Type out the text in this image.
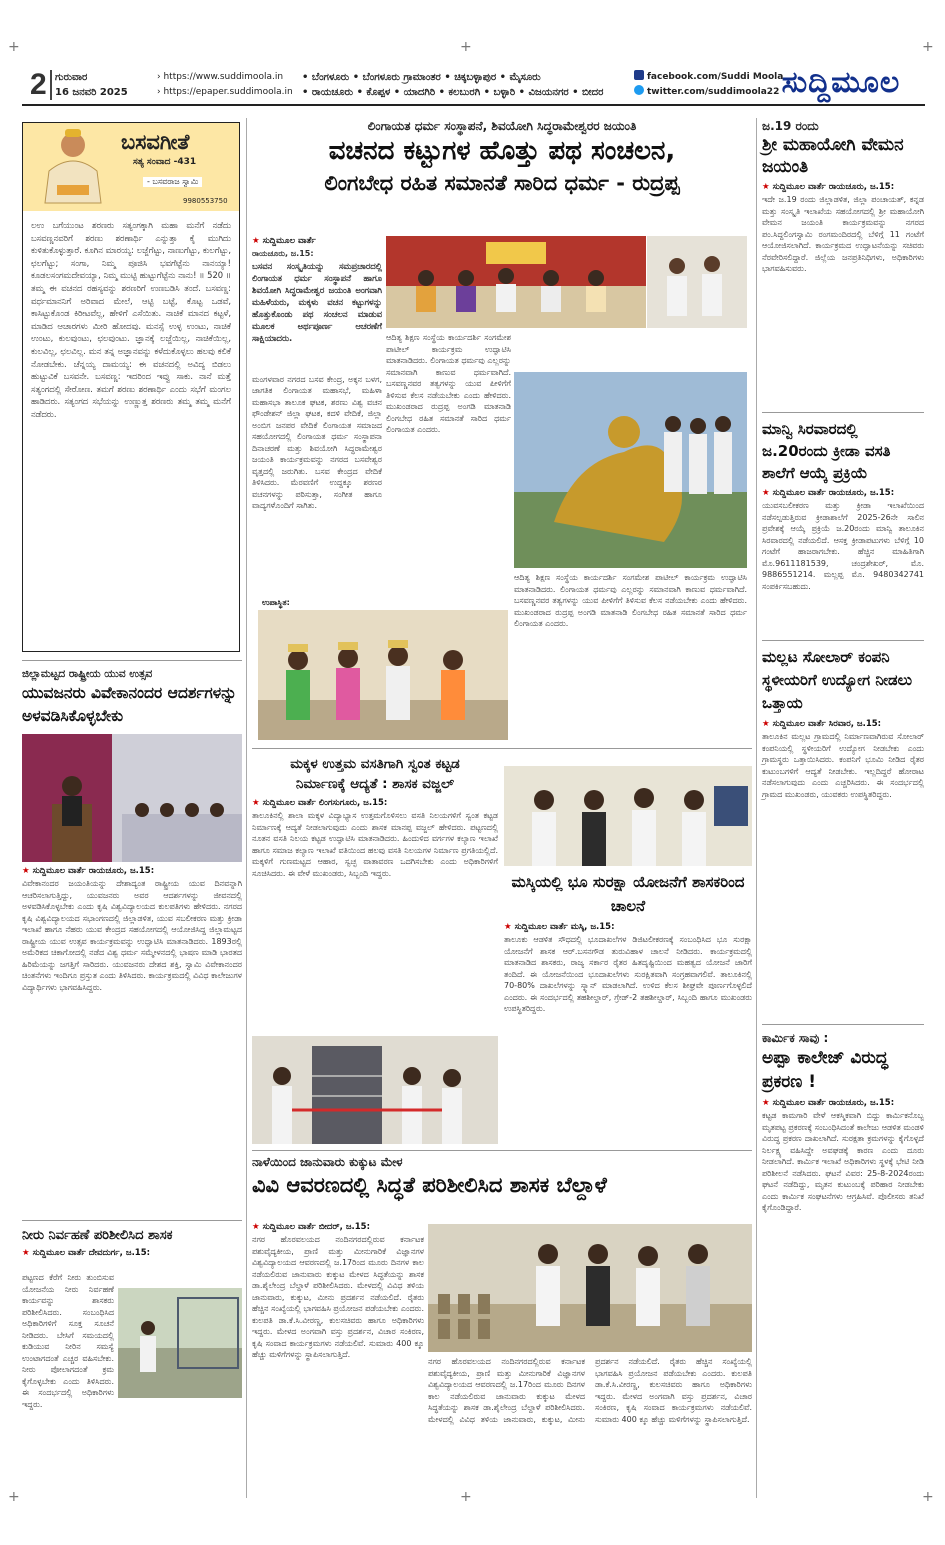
+	+	+
+	+	+
2 ಗುರುವಾರ
16 ಜನವರಿ 2025
› https://www.suddimoola.in
› https://epaper.suddimoola.in
• ಬೆಂಗಳೂರು • ಬೆಂಗಳೂರು ಗ್ರಾಮಾಂತರ • ಚಿಕ್ಕಬಳ್ಳಾಪುರ • ಮೈಸೂರು
• ರಾಯಚೂರು • ಕೊಪ್ಪಳ • ಯಾದಗಿರಿ • ಕಲಬುರಗಿ • ಬಳ್ಳಾರಿ • ವಿಜಯನಗರ • ಬೀದರ
facebook.com/Suddi Moola
twitter.com/suddimoola22 ಸುದ್ದಿಮೂಲ
ಬಸವಗೀತೆ
ಸತ್ಯ ಸಂವಾದ -431
- ಬಸವರಾಜ ಸ್ವಾಮಿ
9980553750
ಲಉ ಬಗೆಯುಂಟ ಶರಣರು ಸತ್ಯಂಗಕ್ಕಾಗಿ ಮಹಾ ಮನೆಗೆ ನಡೆದು ಬಸವಣ್ಣನವರಿಗೆ ಶರಣು ಶರಣಾರ್ಥಿ ಎನ್ನುತ್ತಾ ಕೈ ಮುಗಿದು ಕುಳಿತುಕೊಳ್ಳುತ್ತಾರೆ. ಕೂಗಿನ ಮಾರಯ್ಯ: ಲಜ್ಜೆಗೆಟ್ಟು, ನಾಣುಗೆಟ್ಟು, ಕುಲಗೆಟ್ಟು, ಛಲಗೆಟ್ಟು; ಸಂಗಾ, ನಿಮ್ಮ ಪೂಜಿಸಿ ಭವಗೆಟ್ಟೆನು ನಾನಯ್ಯಾ! ಕೂಡಲಸಂಗಮದೇವಯ್ಯಾ, ನಿಮ್ಮ ಮುಟ್ಟಿ ಹುಟ್ಟುಗೆಟ್ಟೆನು ನಾನು! ॥ 520 ॥ ತಮ್ಮ ಈ ವಚನದ ರಹಸ್ಯವನ್ನು ಶರಣರಿಗೆ ಉಣಬಡಿಸಿ ತಂದೆ. ಬಸವಣ್ಣ: ವರ್ಧಮಾನನಿಗೆ ಅರಿವಾದ ಮೇಲೆ, ಆಟ್ಟಿ ಬಟ್ಟೆ, ಕೊಟ್ಟ ಒಡವೆ, ಕಾಸಿಟ್ಟುಕೊಂಡ ಕಿರೀಟವೆಲ್ಲ, ಹೇಳಿಗೆ ಎಸೆಯಿತು. ನಾಚಿಕೆ ಮಾನದ ಕಟ್ಟಳೆ, ಮಾಡಿದ ಆಚಾರಗಳು ಮೀರಿ ಹೋದವು. ಮನಸ್ಸೆ ಉಳ್ಳ ಉಂಟು, ನಾಚಿಕೆ ಉಂಟು, ಕುಲವುಂಟು, ಛಲವುಂಟು. ಜ್ಞಾನಕ್ಕೆ ಲಜ್ಜೆಯಿಲ್ಲ, ನಾಚಿಕೆಯಿಲ್ಲ, ಕುಲವಿಲ್ಲ, ಛಲವಿಲ್ಲ. ಮನ ತನ್ನ ಅಜ್ಞಾನವನ್ನು ಕಳೆದುಕೊಳ್ಳಲು ಹಲವು ಕಲಿಕೆ ನೋಡಬೇಕು. ಚೆನ್ನಯ್ಯ ದಾಮಯ್ಯ: ಈ ವಚನದಲ್ಲಿ ಅವಿದ್ಯ ಬಿಡಲು ಹುಟ್ಟುವಿಕೆ ಬಸವನೇ. ಬಸವಣ್ಣ: ಇದರಿಂದ ಇವ್ವು ಸಾಕು. ನಾನೆ ಮತ್ತೆ ಸತ್ಯಂಗದಲ್ಲಿ ಸೇರೋಣ. ತಮಗೆ ಶರಣು ಶರಣಾರ್ಥಿ ಎಂದು ಸಭೆಗೆ ಮಂಗಲ ಹಾಡಿದರು. ಸತ್ಯಂಗದ ಸಭೆಯನ್ನು ಉಣ್ಣುತ್ತ ಶರಣರು ತಮ್ಮ ತಮ್ಮ ಮನೆಗೆ ನಡೆದರು.
ಲಿಂಗಾಯತ ಧರ್ಮ ಸಂಸ್ಥಾಪನೆ, ಶಿವಯೋಗಿ ಸಿದ್ಧರಾಮೇಶ್ವರರ ಜಯಂತಿ
ವಚನದ ಕಟ್ಟುಗಳ ಹೊತ್ತು ಪಥ ಸಂಚಲನ,
ಲಿಂಗಬೇಧ ರಹಿತ ಸಮಾನತೆ ಸಾರಿದ ಧರ್ಮ - ರುದ್ರಪ್ಪ
★ ಸುದ್ದಿಮೂಲ ವಾರ್ತೆ
ರಾಯಚೂರು, ಜ.15:
ಬಸವನ ಸಂಸ್ಕೃತಿಯನ್ನು ಸಮಪ್ರಚಾರದಲ್ಲಿ ಲಿಂಗಾಯತ ಧರ್ಮ ಸಂಸ್ಥಾಪನೆ ಹಾಗೂ ಶಿವಯೋಗಿ ಸಿದ್ಧರಾಮೇಶ್ವರ ಜಯಂತಿ ಅಂಗವಾಗಿ ಮಹಿಳೆಯರು, ಮಕ್ಕಳು ವಚನ ಕಟ್ಟುಗಳನ್ನು ಹೊತ್ತುಕೊಂಡು ಪಥ ಸಂಚಲನ ಮಾಡುವ ಮೂಲಕ ಅರ್ಥಪೂರ್ಣ ಆಚರಣೆಗೆ ಸಾಕ್ಷಿಯಾದರು.
ಮಂಗಳವಾರ ನಗರದ ಬಸವ ಕೇಂದ್ರ, ಅಕ್ಕನ ಬಳಗ, ಜಾಗತಿಕ ಲಿಂಗಾಯತ ಮಹಾಸಭೆ, ಮಹಿಳಾ ಮಹಾಸಭಾ ತಾಲೂಕ ಘಟಕ, ಶರಣು ವಿಶ್ವ ವಚನ ಫೌಂಡೇಶನ್ ಜಿಲ್ಲಾ ಘಟಕ, ಕದಳಿ ವೇದಿಕೆ, ಜಿಲ್ಲಾ ಅಂಬಿಗ ಜನಪರ ವೇದಿಕೆ ಲಿಂಗಾಯತ ಸಮಾಜದ ಸಹಯೋಗದಲ್ಲಿ ಲಿಂಗಾಯತ ಧರ್ಮ ಸಂಸ್ಥಾಪನಾ ದಿನಾಚರಣೆ ಮತ್ತು ಶಿವಯೋಗಿ ಸಿದ್ಧರಾಮೇಶ್ವರ ಜಯಂತಿ ಕಾರ್ಯಕ್ರಮವನ್ನು ನಗರದ ಬಸವೇಶ್ವರ ವೃತ್ತದಲ್ಲಿ ಜರುಗಿತು. ಬಸವ ಕೇಂದ್ರದ ವೇದಿಕೆ ತಿಳಿಸಿದರು. ಮೆರವಣಿಗೆ ಉದ್ದಕ್ಕೂ ಶರಣರ ವಚನಗಳನ್ನು ಪಠಿಸುತ್ತಾ, ಸಂಗೀತ ಹಾಗೂ ವಾದ್ಯಗಳೊಂದಿಗೆ ಸಾಗಿತು.
ಆದಿತ್ಯ ಶಿಕ್ಷಣ ಸಂಸ್ಥೆಯ ಕಾರ್ಯದರ್ಶಿ ಸಂಗಮೇಶ ಪಾಟೀಲ್ ಕಾರ್ಯಕ್ರಮ ಉದ್ಘಾಟಿಸಿ ಮಾತನಾಡಿದರು. ಲಿಂಗಾಯತ ಧರ್ಮವು ಎಲ್ಲರನ್ನು ಸಮಾನವಾಗಿ ಕಾಣುವ ಧರ್ಮವಾಗಿದೆ. ಬಸವಣ್ಣನವರ ತತ್ವಗಳನ್ನು ಯುವ ಪೀಳಿಗೆಗೆ ತಿಳಿಸುವ ಕೆಲಸ ನಡೆಯಬೇಕು ಎಂದು ಹೇಳಿದರು. ಮುಖಂಡರಾದ ರುದ್ರಪ್ಪ ಅಂಗಡಿ ಮಾತನಾಡಿ ಲಿಂಗಬೇಧ ರಹಿತ ಸಮಾನತೆ ಸಾರಿದ ಧರ್ಮ ಲಿಂಗಾಯತ ಎಂದರು.
ಆದಿತ್ಯ ಶಿಕ್ಷಣ ಸಂಸ್ಥೆಯ ಕಾರ್ಯದರ್ಶಿ ಸಂಗಮೇಶ ಪಾಟೀಲ್ ಕಾರ್ಯಕ್ರಮ ಉದ್ಘಾಟಿಸಿ ಮಾತನಾಡಿದರು. ಲಿಂಗಾಯತ ಧರ್ಮವು ಎಲ್ಲರನ್ನು ಸಮಾನವಾಗಿ ಕಾಣುವ ಧರ್ಮವಾಗಿದೆ. ಬಸವಣ್ಣನವರ ತತ್ವಗಳನ್ನು ಯುವ ಪೀಳಿಗೆಗೆ ತಿಳಿಸುವ ಕೆಲಸ ನಡೆಯಬೇಕು ಎಂದು ಹೇಳಿದರು. ಮುಖಂಡರಾದ ರುದ್ರಪ್ಪ ಅಂಗಡಿ ಮಾತನಾಡಿ ಲಿಂಗಬೇಧ ರಹಿತ ಸಮಾನತೆ ಸಾರಿದ ಧರ್ಮ ಲಿಂಗಾಯತ ಎಂದರು.
ಉಪಾಸ್ಥಿತ:
ಜ.19 ರಂದು
ಶ್ರೀ ಮಹಾಯೋಗಿ ವೇಮನ ಜಯಂತಿ
★ ಸುದ್ದಿಮೂಲ ವಾರ್ತೆ ರಾಯಚೂರು, ಜ.15:
ಇದೇ ಜ.19 ರಂದು ಜಿಲ್ಲಾಡಳಿತ, ಜಿಲ್ಲಾ ಪಂಚಾಯತ್, ಕನ್ನಡ ಮತ್ತು ಸಂಸ್ಕೃತಿ ಇಲಾಖೆಯ ಸಹಯೋಗದಲ್ಲಿ ಶ್ರೀ ಮಹಾಯೋಗಿ ವೇಮನ ಜಯಂತಿ ಕಾರ್ಯಕ್ರಮವನ್ನು ನಗರದ ಪಂ.ಸಿದ್ದಲಿಂಗಸ್ವಾಮಿ ರಂಗಮಂದಿರದಲ್ಲಿ ಬೆಳಿಗ್ಗೆ 11 ಗಂಟೆಗೆ ಆಯೋಜಿಸಲಾಗಿದೆ. ಕಾರ್ಯಕ್ರಮದ ಉದ್ಘಾಟನೆಯನ್ನು ಸಚಿವರು ನೆರವೇರಿಸಲಿದ್ದಾರೆ. ಜಿಲ್ಲೆಯ ಜನಪ್ರತಿನಿಧಿಗಳು, ಅಧಿಕಾರಿಗಳು ಭಾಗವಹಿಸುವರು.
ಮಾನ್ವಿ ಸಿರವಾರದಲ್ಲಿ ಜ.20ರಂದು ಕ್ರೀಡಾ ವಸತಿ ಶಾಲೆಗೆ ಆಯ್ಕೆ ಪ್ರಕ್ರಿಯೆ
★ ಸುದ್ದಿಮೂಲ ವಾರ್ತೆ ರಾಯಚೂರು, ಜ.15:
ಯುವಸಬಲೀಕರಣ ಮತ್ತು ಕ್ರೀಡಾ ಇಲಾಖೆಯಿಂದ ನಡೆಸಲ್ಪಡುತ್ತಿರುವ ಕ್ರೀಡಾಶಾಲೆಗೆ 2025-26ನೇ ಸಾಲಿನ ಪ್ರವೇಶಕ್ಕೆ ಆಯ್ಕೆ ಪ್ರಕ್ರಿಯೆ ಜ.20ರಂದು ಮಾನ್ವಿ ತಾಲೂಕಿನ ಸಿರವಾರದಲ್ಲಿ ನಡೆಯಲಿದೆ. ಆಸಕ್ತ ಕ್ರೀಡಾಪಟುಗಳು ಬೆಳಿಗ್ಗೆ 10 ಗಂಟೆಗೆ ಹಾಜರಾಗಬೇಕು. ಹೆಚ್ಚಿನ ಮಾಹಿತಿಗಾಗಿ ಮೊ.9611181539, ಚಂದ್ರಶೇಖರ್, ಮೊ. 9886551214. ಮಲ್ಲಪ್ಪ ಮೊ. 9480342741 ಸಂಪರ್ಕಿಸಬಹುದು.
ಮಲ್ಲಟ ಸೋಲಾರ್ ಕಂಪನಿ ಸ್ಥಳೀಯರಿಗೆ ಉದ್ಯೋಗ ನೀಡಲು ಒತ್ತಾಯ
★ ಸುದ್ದಿಮೂಲ ವಾರ್ತೆ ಸಿರವಾರ, ಜ.15:
ತಾಲೂಕಿನ ಮಲ್ಲಟ ಗ್ರಾಮದಲ್ಲಿ ನಿರ್ಮಾಣವಾಗಿರುವ ಸೋಲಾರ್ ಕಂಪನಿಯಲ್ಲಿ ಸ್ಥಳೀಯರಿಗೆ ಉದ್ಯೋಗ ನೀಡಬೇಕು ಎಂದು ಗ್ರಾಮಸ್ಥರು ಒತ್ತಾಯಿಸಿದರು. ಕಂಪನಿಗೆ ಭೂಮಿ ನೀಡಿದ ರೈತರ ಕುಟುಂಬಗಳಿಗೆ ಆದ್ಯತೆ ನೀಡಬೇಕು. ಇಲ್ಲದಿದ್ದರೆ ಹೋರಾಟ ನಡೆಸಲಾಗುವುದು ಎಂದು ಎಚ್ಚರಿಸಿದರು. ಈ ಸಂದರ್ಭದಲ್ಲಿ ಗ್ರಾಮದ ಮುಖಂಡರು, ಯುವಕರು ಉಪಸ್ಥಿತರಿದ್ದರು.
ಕಾರ್ಮಿಕ ಸಾವು :
ಅಪ್ಪಾ ಕಾಲೇಜ್ ವಿರುದ್ಧ ಪ್ರಕರಣ !
★ ಸುದ್ದಿಮೂಲ ವಾರ್ತೆ ರಾಯಚೂರು, ಜ.15:
ಕಟ್ಟಡ ಕಾಮಗಾರಿ ವೇಳೆ ಆಕಸ್ಮಿಕವಾಗಿ ಬಿದ್ದು ಕಾರ್ಮಿಕನೊಬ್ಬ ಮೃತಪಟ್ಟ ಪ್ರಕರಣಕ್ಕೆ ಸಂಬಂಧಿಸಿದಂತೆ ಕಾಲೇಜು ಆಡಳಿತ ಮಂಡಳಿ ವಿರುದ್ಧ ಪ್ರಕರಣ ದಾಖಲಾಗಿದೆ. ಸುರಕ್ಷತಾ ಕ್ರಮಗಳನ್ನು ಕೈಗೊಳ್ಳದೆ ನಿರ್ಲಕ್ಷ್ಯ ವಹಿಸಿದ್ದೇ ಅವಘಡಕ್ಕೆ ಕಾರಣ ಎಂದು ದೂರು ನೀಡಲಾಗಿದೆ. ಕಾರ್ಮಿಕ ಇಲಾಖೆ ಅಧಿಕಾರಿಗಳು ಸ್ಥಳಕ್ಕೆ ಭೇಟಿ ನೀಡಿ ಪರಿಶೀಲನೆ ನಡೆಸಿದರು. ಘಟನೆ ವಿವರ: 25-8-2024ರಂದು ಘಟನೆ ನಡೆದಿದ್ದು, ಮೃತನ ಕುಟುಂಬಕ್ಕೆ ಪರಿಹಾರ ನೀಡಬೇಕು ಎಂದು ಕಾರ್ಮಿಕ ಸಂಘಟನೆಗಳು ಆಗ್ರಹಿಸಿವೆ. ಪೊಲೀಸರು ತನಿಖೆ ಕೈಗೊಂಡಿದ್ದಾರೆ.
ಜಿಲ್ಲಾಮಟ್ಟದ ರಾಷ್ಟ್ರೀಯ ಯುವ ಉತ್ಸವ
ಯುವಜನರು ವಿವೇಕಾನಂದರ ಆದರ್ಶಗಳನ್ನು ಅಳವಡಿಸಿಕೊಳ್ಳಬೇಕು
★ ಸುದ್ದಿಮೂಲ ವಾರ್ತೆ ರಾಯಚೂರು, ಜ.15:
ವಿವೇಕಾನಂದರ ಜಯಂತಿಯನ್ನು ದೇಶಾದ್ಯಂತ ರಾಷ್ಟ್ರೀಯ ಯುವ ದಿನವನ್ನಾಗಿ ಆಚರಿಸಲಾಗುತ್ತಿದ್ದು, ಯುವಜನರು ಅವರ ಆದರ್ಶಗಳನ್ನು ಜೀವನದಲ್ಲಿ ಅಳವಡಿಸಿಕೊಳ್ಳಬೇಕು ಎಂದು ಕೃಷಿ ವಿಶ್ವವಿದ್ಯಾಲಯದ ಕುಲಪತಿಗಳು ಹೇಳಿದರು. ನಗರದ ಕೃಷಿ ವಿಶ್ವವಿದ್ಯಾಲಯದ ಸಭಾಂಗಣದಲ್ಲಿ ಜಿಲ್ಲಾಡಳಿತ, ಯುವ ಸಬಲೀಕರಣ ಮತ್ತು ಕ್ರೀಡಾ ಇಲಾಖೆ ಹಾಗೂ ನೆಹರು ಯುವ ಕೇಂದ್ರದ ಸಹಯೋಗದಲ್ಲಿ ಆಯೋಜಿಸಿದ್ದ ಜಿಲ್ಲಾಮಟ್ಟದ ರಾಷ್ಟ್ರೀಯ ಯುವ ಉತ್ಸವ ಕಾರ್ಯಕ್ರಮವನ್ನು ಉದ್ಘಾಟಿಸಿ ಮಾತನಾಡಿದರು. 1893ರಲ್ಲಿ ಅಮೆರಿಕದ ಚಿಕಾಗೋದಲ್ಲಿ ನಡೆದ ವಿಶ್ವ ಧರ್ಮ ಸಮ್ಮೇಳನದಲ್ಲಿ ಭಾಷಣ ಮಾಡಿ ಭಾರತದ ಹಿರಿಮೆಯನ್ನು ಜಗತ್ತಿಗೆ ಸಾರಿದರು. ಯುವಜನರು ದೇಶದ ಶಕ್ತಿ, ಸ್ವಾಮಿ ವಿವೇಕಾನಂದರ ಚಿಂತನೆಗಳು ಇಂದಿಗೂ ಪ್ರಸ್ತುತ ಎಂದು ತಿಳಿಸಿದರು. ಕಾರ್ಯಕ್ರಮದಲ್ಲಿ ವಿವಿಧ ಕಾಲೇಜುಗಳ ವಿದ್ಯಾರ್ಥಿಗಳು ಭಾಗವಹಿಸಿದ್ದರು.
ನೀರು ನಿರ್ವಹಣೆ ಪರಿಶೀಲಿಸಿದ ಶಾಸಕ
★ ಸುದ್ದಿಮೂಲ ವಾರ್ತೆ ದೇವದುರ್ಗ, ಜ.15:
ಪಟ್ಟಣದ ಕೆರೆಗೆ ನೀರು ತುಂಬಿಸುವ ಯೋಜನೆಯ ನೀರು ನಿರ್ವಹಣೆ ಕಾರ್ಯವನ್ನು ಶಾಸಕರು ಪರಿಶೀಲಿಸಿದರು. ಸಂಬಂಧಿಸಿದ ಅಧಿಕಾರಿಗಳಿಗೆ ಸೂಕ್ತ ಸೂಚನೆ ನೀಡಿದರು. ಬೇಸಿಗೆ ಸಮಯದಲ್ಲಿ ಕುಡಿಯುವ ನೀರಿನ ಸಮಸ್ಯೆ ಉಂಟಾಗದಂತೆ ಎಚ್ಚರ ವಹಿಸಬೇಕು. ನೀರು ಪೋಲಾಗದಂತೆ ಕ್ರಮ ಕೈಗೊಳ್ಳಬೇಕು ಎಂದು ತಿಳಿಸಿದರು. ಈ ಸಂದರ್ಭದಲ್ಲಿ ಅಧಿಕಾರಿಗಳು ಇದ್ದರು.
ಮಕ್ಕಳ ಉತ್ತಮ ವಸತಿಗಾಗಿ ಸ್ವಂತ ಕಟ್ಟಡ
ನಿರ್ಮಾಣಕ್ಕೆ ಆದ್ಯತೆ : ಶಾಸಕ ವಜ್ಜಲ್
★ ಸುದ್ದಿಮೂಲ ವಾರ್ತೆ ಲಿಂಗಸುಗೂರು, ಜ.15:
ತಾಲೂಕಿನಲ್ಲಿ ಶಾಲಾ ಮಕ್ಕಳ ವಿದ್ಯಾಭ್ಯಾಸ ಉತ್ತಮಗೊಳಿಸಲು ವಸತಿ ನಿಲಯಗಳಿಗೆ ಸ್ವಂತ ಕಟ್ಟಡ ನಿರ್ಮಾಣಕ್ಕೆ ಆದ್ಯತೆ ನೀಡಲಾಗುವುದು ಎಂದು ಶಾಸಕ ಮಾನಪ್ಪ ವಜ್ಜಲ್ ಹೇಳಿದರು. ಪಟ್ಟಣದಲ್ಲಿ ನೂತನ ವಸತಿ ನಿಲಯ ಕಟ್ಟಡ ಉದ್ಘಾಟಿಸಿ ಮಾತನಾಡಿದರು. ಹಿಂದುಳಿದ ವರ್ಗಗಳ ಕಲ್ಯಾಣ ಇಲಾಖೆ ಹಾಗೂ ಸಮಾಜ ಕಲ್ಯಾಣ ಇಲಾಖೆ ವತಿಯಿಂದ ಹಲವು ವಸತಿ ನಿಲಯಗಳ ನಿರ್ಮಾಣ ಪ್ರಗತಿಯಲ್ಲಿದೆ. ಮಕ್ಕಳಿಗೆ ಗುಣಮಟ್ಟದ ಆಹಾರ, ಸ್ವಚ್ಛ ವಾತಾವರಣ ಒದಗಿಸಬೇಕು ಎಂದು ಅಧಿಕಾರಿಗಳಿಗೆ ಸೂಚಿಸಿದರು. ಈ ವೇಳೆ ಮುಖಂಡರು, ಸಿಬ್ಬಂದಿ ಇದ್ದರು.	ಮಸ್ಕಿಯಲ್ಲಿ ಭೂ ಸುರಕ್ಷಾ ಯೋಜನೆಗೆ ಶಾಸಕರಿಂದ ಚಾಲನೆ
★ ಸುದ್ದಿಮೂಲ ವಾರ್ತೆ ಮಸ್ಕಿ, ಜ.15:
ತಾಲೂಕು ಆಡಳಿತ ಸೌಧದಲ್ಲಿ ಭೂದಾಖಲೆಗಳ ಡಿಜಿಟಲೀಕರಣಕ್ಕೆ ಸಂಬಂಧಿಸಿದ ಭೂ ಸುರಕ್ಷಾ ಯೋಜನೆಗೆ ಶಾಸಕ ಆರ್.ಬಸನಗೌಡ ತುರುವಿಹಾಳ ಚಾಲನೆ ನೀಡಿದರು. ಕಾರ್ಯಕ್ರಮದಲ್ಲಿ ಮಾತನಾಡಿದ ಶಾಸಕರು, ರಾಜ್ಯ ಸರ್ಕಾರ ರೈತರ ಹಿತದೃಷ್ಟಿಯಿಂದ ಮಹತ್ವದ ಯೋಜನೆ ಜಾರಿಗೆ ತಂದಿದೆ. ಈ ಯೋಜನೆಯಿಂದ ಭೂದಾಖಲೆಗಳು ಸುರಕ್ಷಿತವಾಗಿ ಸಂಗ್ರಹವಾಗಲಿವೆ. ತಾಲೂಕಿನಲ್ಲಿ 70-80% ದಾಖಲೆಗಳನ್ನು ಸ್ಕ್ಯಾನ್ ಮಾಡಲಾಗಿದೆ. ಉಳಿದ ಕೆಲಸ ಶೀಘ್ರವೇ ಪೂರ್ಣಗೊಳ್ಳಲಿದೆ ಎಂದರು. ಈ ಸಂದರ್ಭದಲ್ಲಿ ತಹಶೀಲ್ದಾರ್, ಗ್ರೇಡ್-2 ತಹಶೀಲ್ದಾರ್, ಸಿಬ್ಬಂದಿ ಹಾಗೂ ಮುಖಂಡರು ಉಪಸ್ಥಿತರಿದ್ದರು.
ನಾಳೆಯಿಂದ ಜಾನುವಾರು ಕುಕ್ಕುಟ ಮೇಳ
ವಿವಿ ಆವರಣದಲ್ಲಿ ಸಿದ್ಧತೆ ಪರಿಶೀಲಿಸಿದ ಶಾಸಕ ಬೆಲ್ದಾಳೆ
★ ಸುದ್ದಿಮೂಲ ವಾರ್ತೆ ಬೀದರ್, ಜ.15:
ನಗರ ಹೊರವಲಯದ ನಂದಿನಗರದಲ್ಲಿರುವ ಕರ್ನಾಟಕ ಪಶುವೈದ್ಯಕೀಯ, ಪ್ರಾಣಿ ಮತ್ತು ಮೀನುಗಾರಿಕೆ ವಿಜ್ಞಾನಗಳ ವಿಶ್ವವಿದ್ಯಾಲಯದ ಆವರಣದಲ್ಲಿ ಜ.17ರಿಂದ ಮೂರು ದಿನಗಳ ಕಾಲ ನಡೆಯಲಿರುವ ಜಾನುವಾರು ಕುಕ್ಕುಟ ಮೇಳದ ಸಿದ್ಧತೆಯನ್ನು ಶಾಸಕ ಡಾ.ಶೈಲೇಂದ್ರ ಬೆಲ್ದಾಳೆ ಪರಿಶೀಲಿಸಿದರು. ಮೇಳದಲ್ಲಿ ವಿವಿಧ ತಳಿಯ ಜಾನುವಾರು, ಕುಕ್ಕುಟ, ಮೀನು ಪ್ರದರ್ಶನ ನಡೆಯಲಿದೆ. ರೈತರು ಹೆಚ್ಚಿನ ಸಂಖ್ಯೆಯಲ್ಲಿ ಭಾಗವಹಿಸಿ ಪ್ರಯೋಜನ ಪಡೆಯಬೇಕು ಎಂದರು. ಕುಲಪತಿ ಡಾ.ಕೆ.ಸಿ.ವೀರಣ್ಣ, ಕುಲಸಚಿವರು ಹಾಗೂ ಅಧಿಕಾರಿಗಳು ಇದ್ದರು. ಮೇಳದ ಅಂಗವಾಗಿ ವಸ್ತು ಪ್ರದರ್ಶನ, ವಿಚಾರ ಸಂಕಿರಣ, ಕೃಷಿ ಸಂವಾದ ಕಾರ್ಯಕ್ರಮಗಳು ನಡೆಯಲಿವೆ. ಸುಮಾರು 400 ಕ್ಕೂ ಹೆಚ್ಚು ಮಳಿಗೆಗಳನ್ನು ಸ್ಥಾಪಿಸಲಾಗುತ್ತಿದೆ.
ನಗರ ಹೊರವಲಯದ ನಂದಿನಗರದಲ್ಲಿರುವ ಕರ್ನಾಟಕ ಪಶುವೈದ್ಯಕೀಯ, ಪ್ರಾಣಿ ಮತ್ತು ಮೀನುಗಾರಿಕೆ ವಿಜ್ಞಾನಗಳ ವಿಶ್ವವಿದ್ಯಾಲಯದ ಆವರಣದಲ್ಲಿ ಜ.17ರಿಂದ ಮೂರು ದಿನಗಳ ಕಾಲ ನಡೆಯಲಿರುವ ಜಾನುವಾರು ಕುಕ್ಕುಟ ಮೇಳದ ಸಿದ್ಧತೆಯನ್ನು ಶಾಸಕ ಡಾ.ಶೈಲೇಂದ್ರ ಬೆಲ್ದಾಳೆ ಪರಿಶೀಲಿಸಿದರು. ಮೇಳದಲ್ಲಿ ವಿವಿಧ ತಳಿಯ ಜಾನುವಾರು, ಕುಕ್ಕುಟ, ಮೀನು ಪ್ರದರ್ಶನ ನಡೆಯಲಿದೆ. ರೈತರು ಹೆಚ್ಚಿನ ಸಂಖ್ಯೆಯಲ್ಲಿ ಭಾಗವಹಿಸಿ ಪ್ರಯೋಜನ ಪಡೆಯಬೇಕು ಎಂದರು. ಕುಲಪತಿ ಡಾ.ಕೆ.ಸಿ.ವೀರಣ್ಣ, ಕುಲಸಚಿವರು ಹಾಗೂ ಅಧಿಕಾರಿಗಳು ಇದ್ದರು. ಮೇಳದ ಅಂಗವಾಗಿ ವಸ್ತು ಪ್ರದರ್ಶನ, ವಿಚಾರ ಸಂಕಿರಣ, ಕೃಷಿ ಸಂವಾದ ಕಾರ್ಯಕ್ರಮಗಳು ನಡೆಯಲಿವೆ. ಸುಮಾರು 400 ಕ್ಕೂ ಹೆಚ್ಚು ಮಳಿಗೆಗಳನ್ನು ಸ್ಥಾಪಿಸಲಾಗುತ್ತಿದೆ.
